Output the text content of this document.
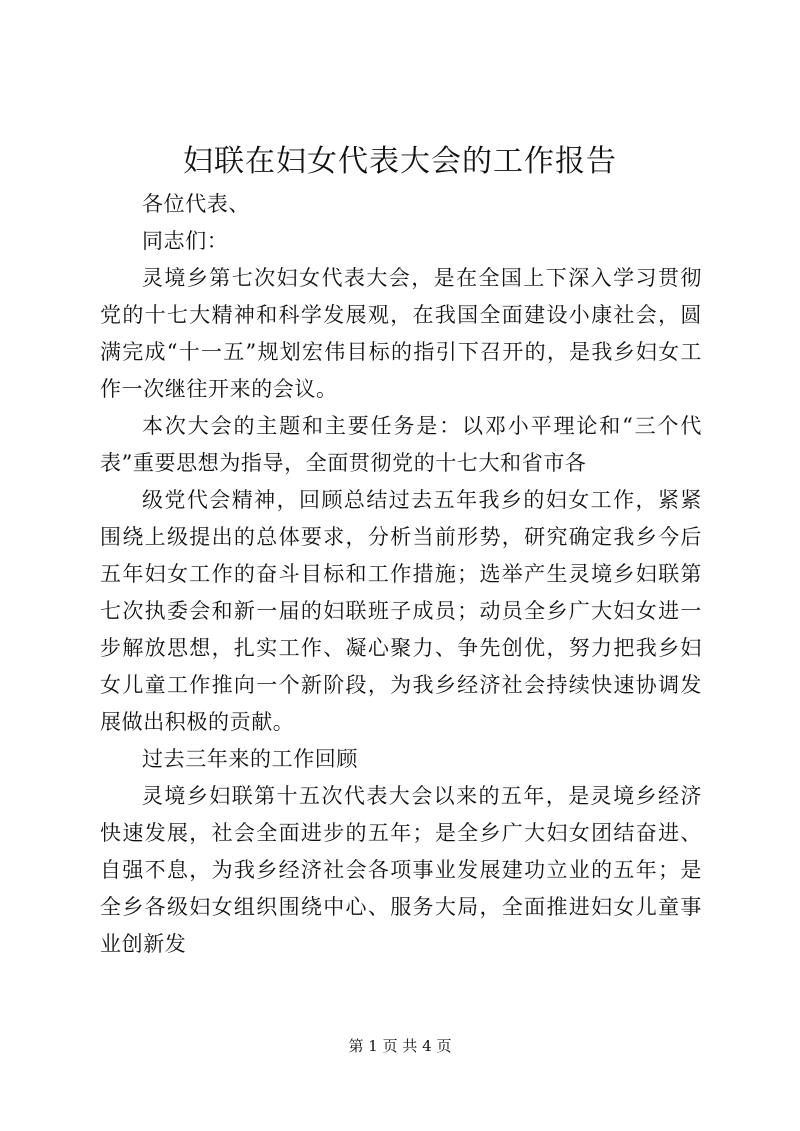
妇联在妇女代表大会的工作报告

各位代表、

同志们：

灵境乡第七次妇女代表大会，是在全国上下深入学习贯彻党的十七大精神和科学发展观，在我国全面建设小康社会，圆满完成“十一五”规划宏伟目标的指引下召开的，是我乡妇女工作一次继往开来的会议。

本次大会的主题和主要任务是：以邓小平理论和“三个代表”重要思想为指导，全面贯彻党的十七大和省市各

级党代会精神，回顾总结过去五年我乡的妇女工作，紧紧围绕上级提出的总体要求，分析当前形势，研究确定我乡今后五年妇女工作的奋斗目标和工作措施；选举产生灵境乡妇联第七次执委会和新一届的妇联班子成员；动员全乡广大妇女进一步解放思想，扎实工作、凝心聚力、争先创优，努力把我乡妇女儿童工作推向一个新阶段，为我乡经济社会持续快速协调发展做出积极的贡献。

过去三年来的工作回顾

灵境乡妇联第十五次代表大会以来的五年，是灵境乡经济快速发展，社会全面进步的五年；是全乡广大妇女团结奋进、自强不息，为我乡经济社会各项事业发展建功立业的五年；是全乡各级妇女组织围绕中心、服务大局，全面推进妇女儿童事业创新发

第 1 页 共 4 页
